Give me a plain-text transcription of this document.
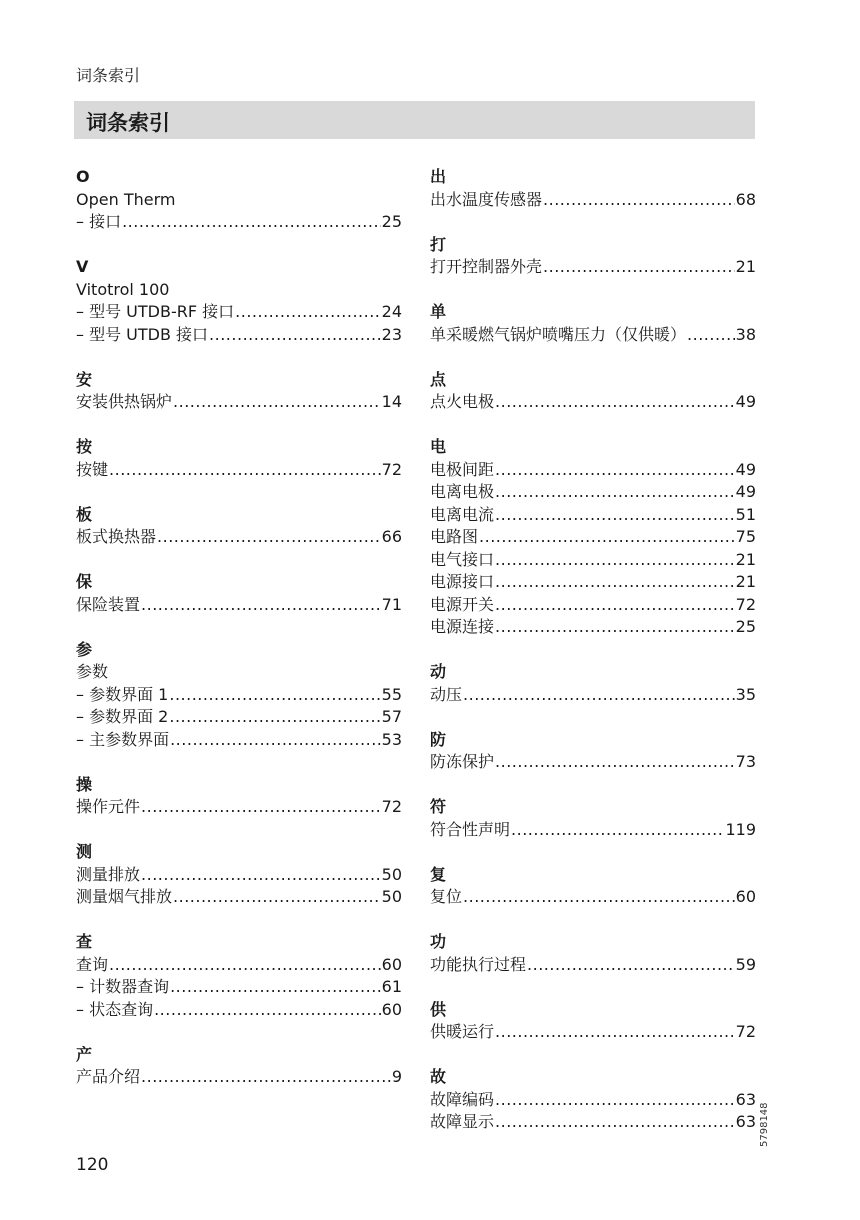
词条索引
词条索引
O
Open Therm
– 接口 .....	25
V
Vitotrol 100
– 型号 UTDB-RF 接口 .....	24
– 型号 UTDB 接口 .....	23
安
安装供热锅炉 .....	14
按
按键 .....	72
板
板式换热器 .....	66
保
保险装置 .....	71
参
参数
– 参数界面 1 .....	55
– 参数界面 2 .....	57
– 主参数界面 .....	53
操
操作元件 .....	72
测
测量排放 .....	50
测量烟气排放 .....	50
查
查询 .....	60
– 计数器查询 .....	61
– 状态查询 .....	60
产
产品介绍 .....	9
出
出水温度传感器 .....	68
打
打开控制器外壳 .....	21
单
单采暖燃气锅炉喷嘴压力（仅供暖） .....	38
点
点火电极 .....	49
电
电极间距 .....	49
电离电极 .....	49
电离电流 .....	51
电路图 .....	75
电气接口 .....	21
电源接口 .....	21
电源开关 .....	72
电源连接 .....	25
动
动压 .....	35
防
防冻保护 .....	73
符
符合性声明 .....	119
复
复位 .....	60
功
功能执行过程 .....	59
供
供暖运行 .....	72
故
故障编码 .....	63
故障显示 .....	63
120
5798148
